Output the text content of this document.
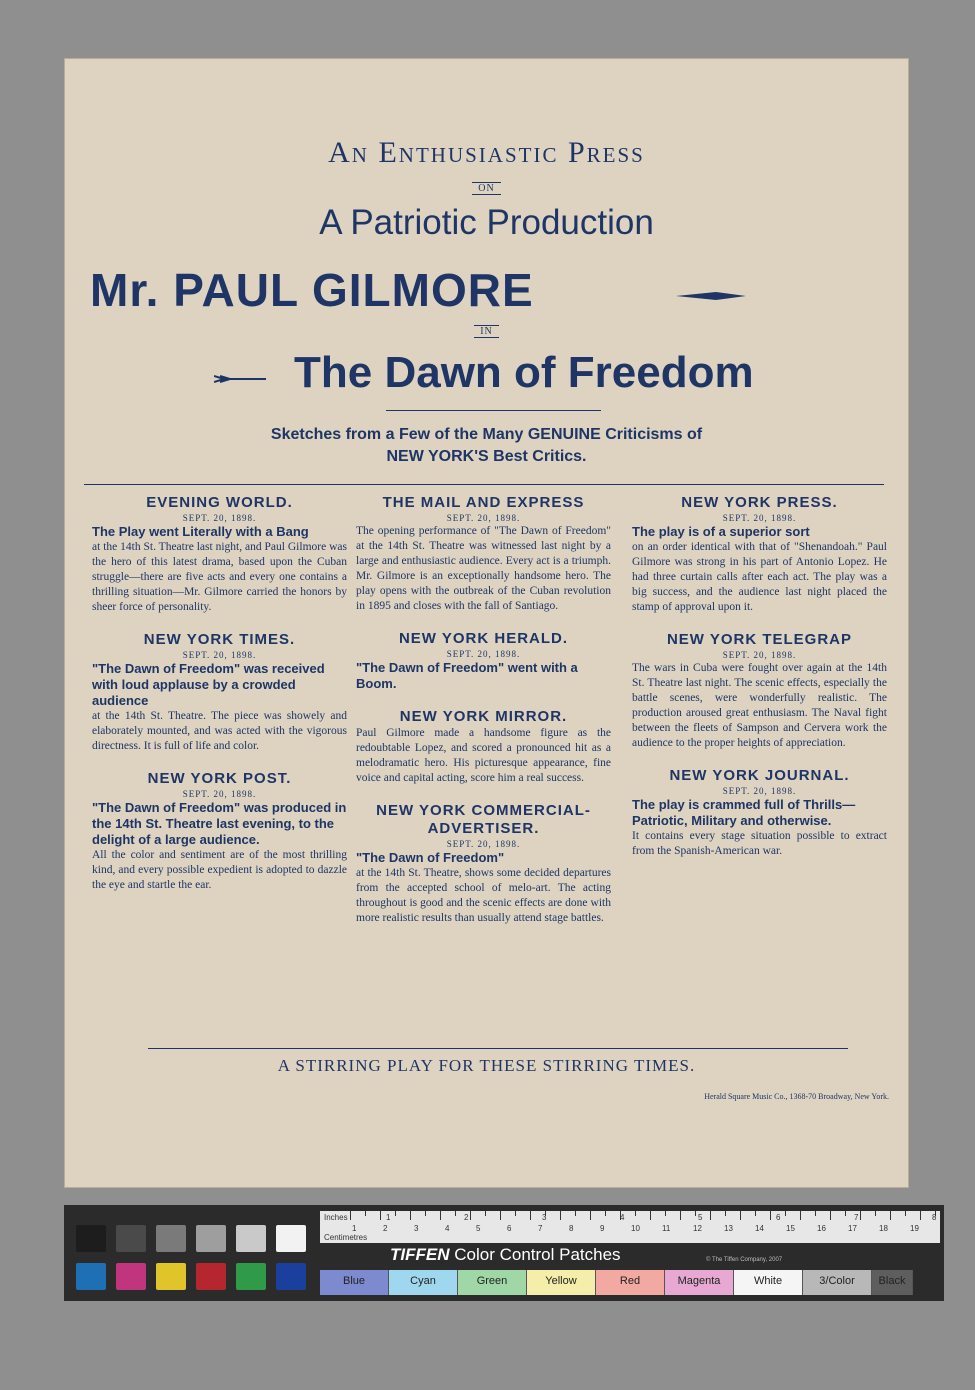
An Enthusiastic Press
ON
A Patriotic Production
Mr. PAUL GILMORE
IN
The Dawn of Freedom
Sketches from a Few of the Many GENUINE Criticisms of
NEW YORK'S Best Critics.
EVENING WORLD.
SEPT. 20, 1898.
The Play went Literally with a Bang
at the 14th St. Theatre last night, and Paul Gilmore was the hero of this latest drama, based upon the Cuban struggle—there are five acts and every one contains a thrilling situation—Mr. Gilmore carried the honors by sheer force of personality.
NEW YORK TIMES.
SEPT. 20, 1898.
"The Dawn of Freedom" was received with loud applause by a crowded audience
at the 14th St. Theatre. The piece was showely and elaborately mounted, and was acted with the vigorous directness. It is full of life and color.
NEW YORK POST.
SEPT. 20, 1898.
"The Dawn of Freedom" was produced in the 14th St. Theatre last evening, to the delight of a large audience.
All the color and sentiment are of the most thrilling kind, and every possible expedient is adopted to dazzle the eye and startle the ear.
THE MAIL AND EXPRESS
SEPT. 20, 1898.
The opening performance of "The Dawn of Freedom" at the 14th St. Theatre was witnessed last night by a large and enthusiastic audience. Every act is a triumph. Mr. Gilmore is an exceptionally handsome hero. The play opens with the outbreak of the Cuban revolution in 1895 and closes with the fall of Santiago.
NEW YORK HERALD.
SEPT. 20, 1898.
"The Dawn of Freedom" went with a Boom.
NEW YORK MIRROR.
Paul Gilmore made a handsome figure as the redoubtable Lopez, and scored a pronounced hit as a melodramatic hero. His picturesque appearance, fine voice and capital acting, score him a real success.
NEW YORK COMMERCIAL-ADVERTISER.
SEPT. 20, 1898.
"The Dawn of Freedom"
at the 14th St. Theatre, shows some decided departures from the accepted school of melo-art. The acting throughout is good and the scenic effects are done with more realistic results than usually attend stage battles.
NEW YORK PRESS.
SEPT. 20, 1898.
The play is of a superior sort
on an order identical with that of "Shenandoah." Paul Gilmore was strong in his part of Antonio Lopez. He had three curtain calls after each act. The play was a big success, and the audience last night placed the stamp of approval upon it.
NEW YORK TELEGRAP
SEPT. 20, 1898.
The wars in Cuba were fought over again at the 14th St. Theatre last night. The scenic effects, especially the battle scenes, were wonderfully realistic. The production aroused great enthusiasm. The Naval fight between the fleets of Sampson and Cervera work the audience to the proper heights of appreciation.
NEW YORK JOURNAL.
SEPT. 20, 1898.
The play is crammed full of Thrills—Patriotic, Military and otherwise.
It contains every stage situation possible to extract from the Spanish-American war.
A STIRRING PLAY FOR THESE STIRRING TIMES.
Herald Square Music Co., 1368-70 Broadway, New York.
Inches
Centimetres
1	2	3	4	5	6	7	8
1	2	3	4	5	6	7	8	9	10	11	12	13	14	15	16	17	18	19
TIFFEN Color Control Patches	© The Tiffen Company, 2007
Blue	Cyan	Green	Yellow	Red	Magenta	White	3/Color	Black
